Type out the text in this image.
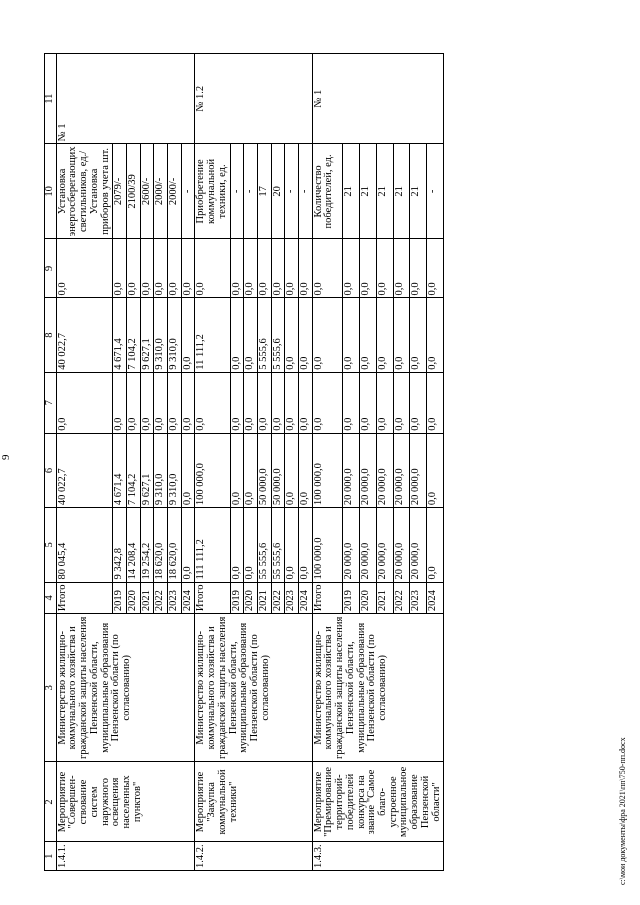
9
1	2	3	4	5	6	7	8	9	10	11
1.4.1.	Мероприятие "Совершен-ствование систем наружного освещения населенных пунктов"	Министерство жилищно-коммунального хозяйства и гражданской защиты населения Пензенской области, муниципальные образования Пензенской области (по согласованию)	Итого	80 045,4	40 022,7	0,0	40 022,7	0,0	Установка энергосберегающих светильников, ед./ Установка приборов учета шт.	№ 1
			2019	9 342,8	4 671,4	0,0	4 671,4	0,0	2079/-	
			2020	14 208,4	7 104,2	0,0	7 104,2	0,0	2100/39	
			2021	19 254,2	9 627,1	0,0	9 627,1	0,0	2600/-	
			2022	18 620,0	9 310,0	0,0	9 310,0	0,0	2000/-	
			2023	18 620,0	9 310,0	0,0	9 310,0	0,0	2000/-	
			2024	0,0	0,0	0,0	0,0	0,0	-	
1.4.2.	Мероприятие "Закупка коммунальной техники"	Министерство жилищно-коммунального хозяйства и гражданской защиты населения Пензенской области, муниципальные образования Пензенской области (по согласованию)	Итого	111 111,2	100 000,0	0,0	11 111,2	0,0	Приобретение коммунальной техники, ед.	№ 1.2
			2019	0,0	0,0	0,0	0,0	0,0	-	
			2020	0,0	0,0	0,0	0,0	0,0	-	
			2021	55 555,6	50 000,0	0,0	5 555,6	0,0	17	
			2022	55 555,6	50 000,0	0,0	5 555,6	0,0	20	
			2023	0,0	0,0	0,0	0,0	0,0	-	
			2024	0,0	0,0	0,0	0,0	0,0	-	
1.4.3.	Мероприятие "Премирование территорий-победителей конкурса на звание "Самое благо-устроенное муниципальное образование Пензенской области"	Министерство жилищно-коммунального хозяйства и гражданской защиты населения Пензенской области, муниципальные образования Пензенской области (по согласованию)	Итого	100 000,0	100 000,0	0,0	0,0	0,0	Количество победителей, ед.	№ 1
			2019	20 000,0	20 000,0	0,0	0,0	0,0	21	
			2020	20 000,0	20 000,0	0,0	0,0	0,0	21	
			2021	20 000,0	20 000,0	0,0	0,0	0,0	21	
			2022	20 000,0	20 000,0	0,0	0,0	0,0	21	
			2023	20 000,0	20 000,0	0,0	0,0	0,0	21	
			2024	0,0	0,0	0,0	0,0	0,0	-	
c:\мои документы\фра 2021\пп\750-пп.docx
